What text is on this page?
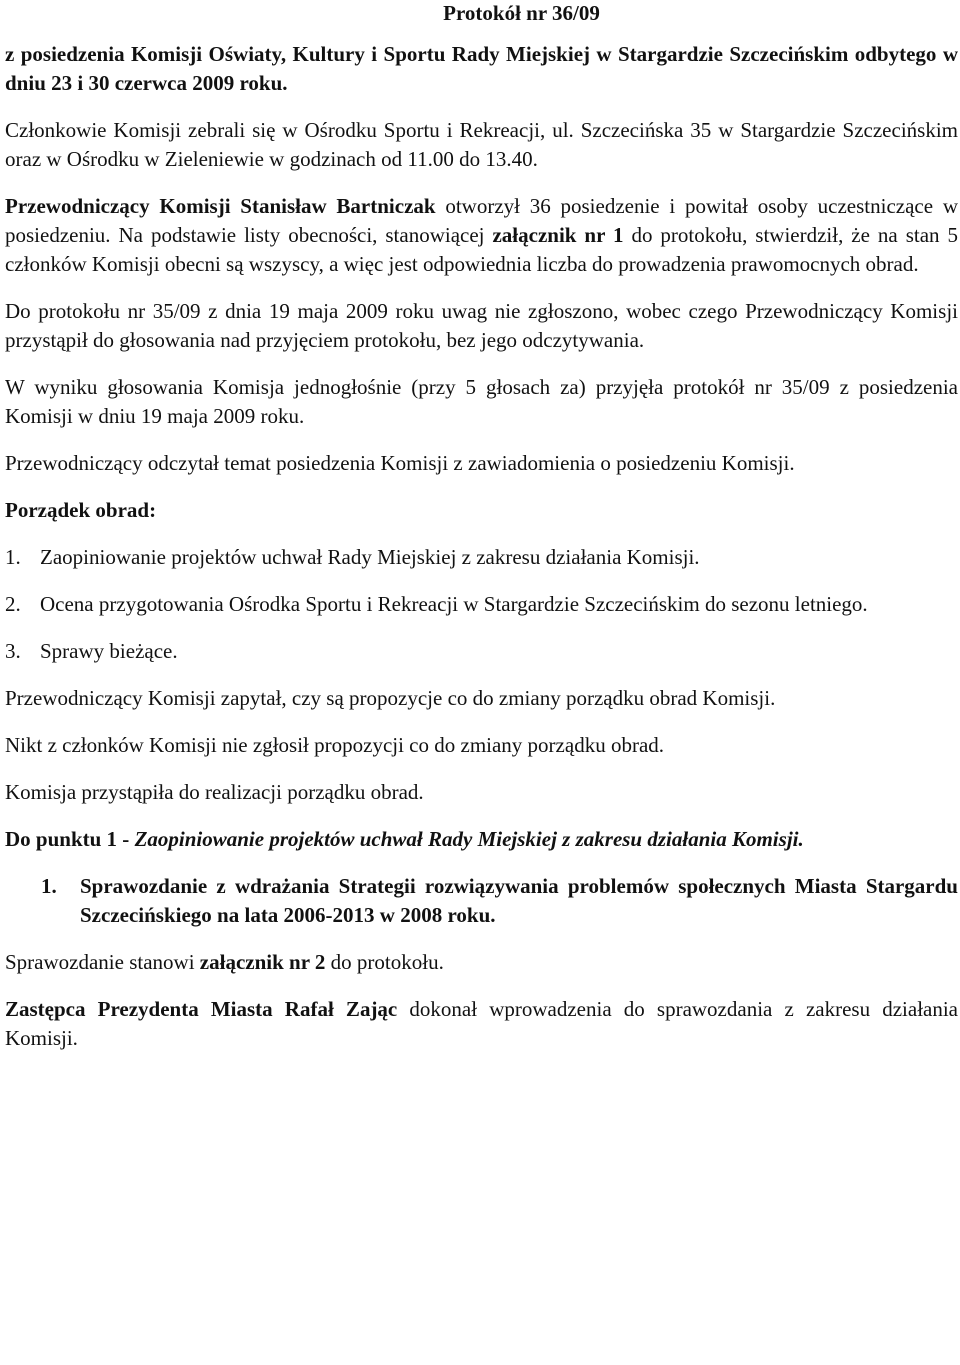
Protokół nr 36/09

z posiedzenia Komisji Oświaty, Kultury i Sportu Rady Miejskiej w Stargardzie Szczecińskim odbytego w dniu 23 i 30 czerwca 2009 roku.

Członkowie Komisji zebrali się w Ośrodku Sportu i Rekreacji, ul. Szczecińska 35 w Stargardzie Szczecińskim oraz w Ośrodku w Zieleniewie w godzinach od 11.00 do 13.40.

Przewodniczący Komisji Stanisław Bartniczak otworzył 36 posiedzenie i powitał osoby uczestniczące w posiedzeniu. Na podstawie listy obecności, stanowiącej załącznik nr 1 do protokołu, stwierdził, że na stan 5 członków Komisji obecni są wszyscy, a więc jest odpowiednia liczba do prowadzenia prawomocnych obrad.

Do protokołu nr 35/09 z dnia 19 maja 2009 roku uwag nie zgłoszono, wobec czego Przewodniczący Komisji przystąpił do głosowania nad przyjęciem protokołu, bez jego odczytywania.

W wyniku głosowania Komisja jednogłośnie (przy 5 głosach za) przyjęła protokół nr 35/09 z posiedzenia Komisji w dniu 19 maja 2009 roku.

Przewodniczący odczytał temat posiedzenia Komisji z zawiadomienia o posiedzeniu Komisji.

Porządek obrad:

1. Zaopiniowanie projektów uchwał Rady Miejskiej z zakresu działania Komisji.
2. Ocena przygotowania Ośrodka Sportu i Rekreacji w Stargardzie Szczecińskim do sezonu letniego.
3. Sprawy bieżące.

Przewodniczący Komisji zapytał, czy są propozycje co do zmiany porządku obrad Komisji.

Nikt z członków Komisji nie zgłosił propozycji co do zmiany porządku obrad.

Komisja przystąpiła do realizacji porządku obrad.

Do punktu 1 - Zaopiniowanie projektów uchwał Rady Miejskiej z zakresu działania Komisji.

1.	Sprawozdanie z wdrażania Strategii rozwiązywania problemów społecznych Miasta Stargardu Szczecińskiego na lata 2006-2013 w 2008 roku.

Sprawozdanie stanowi załącznik nr 2 do protokołu.

Zastępca Prezydenta Miasta Rafał Zając dokonał wprowadzenia do sprawozdania z zakresu działania Komisji.
